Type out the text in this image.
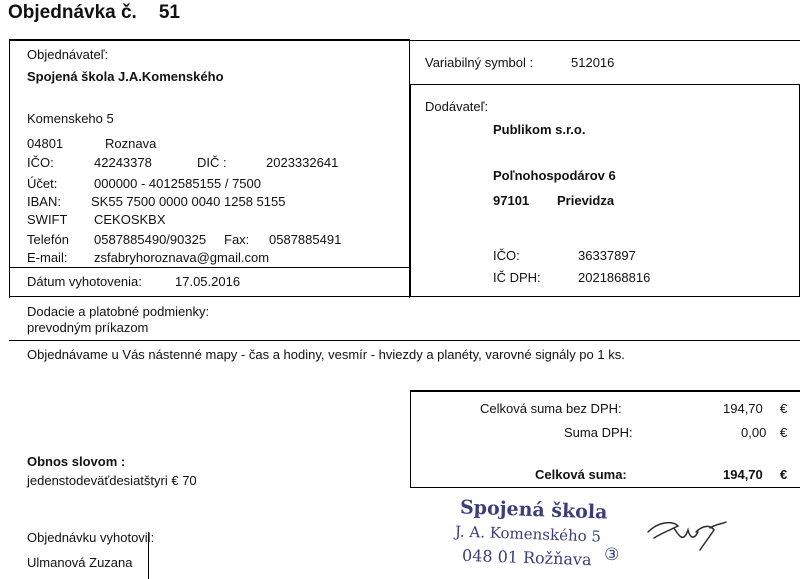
Objednávka č. 51
Objednávateľ:
Spojená škola J.A.Komenského
Komenskeho 5
04801	Roznava
IČO:	42243378	DIČ :	2023332641
Účet:	000000 - 4012585155 / 7500
IBAN: SK55 7500 0000 0040 1258 5155
SWIFT CEKOSKBX
Telefón 0587885490/90325 Fax: 0587885491
E-mail: zsfabryhoroznava@gmail.com
Dátum vyhotovenia:	17.05.2016
Variabilný symbol :	512016
Dodávateľ:
Publikom s.r.o.
Poľnohospodárov 6
97101 Prievidza
IČO:	36337897
IČ DPH:	2021868816
Dodacie a platobné podmienky:
prevodným príkazom
Objednávame u Vás nástenné mapy - čas a hodiny, vesmír - hviezdy a planéty, varovné signály po 1 ks.
Celková suma bez DPH:	194,70 €
Suma DPH:	0,00 €
Celková suma:	194,70 €
Obnos slovom :
jedenstodeväťdesiatštyri € 70
Objednávku vyhotovil:
Ulmanová Zuzana
Spojená škola
J. A. Komenského 5
048 01 Rožňava ③
